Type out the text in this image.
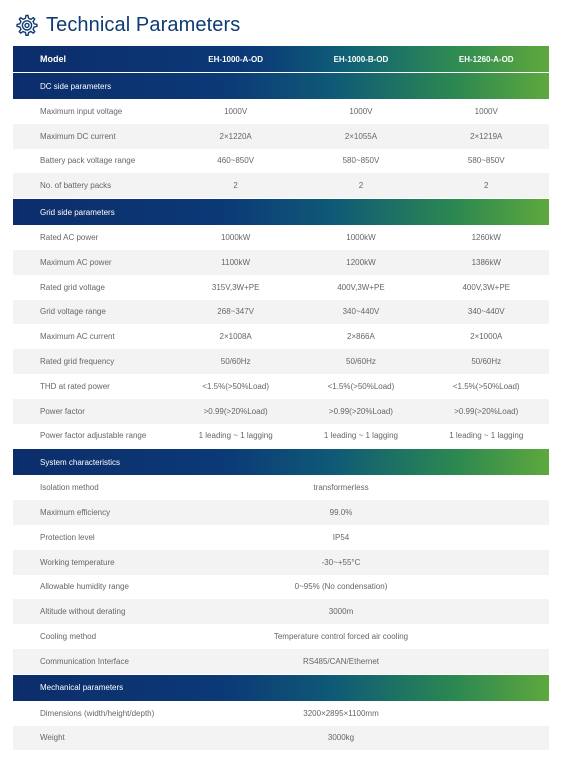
Technical Parameters
Model	EH-1000-A-OD	EH-1000-B-OD	EH-1260-A-OD
DC side parameters
Maximum input voltage	1000V	1000V	1000V
Maximum DC current	2×1220A	2×1055A	2×1219A
Battery pack voltage range	460~850V	580~850V	580~850V
No. of battery packs	2	2	2
Grid side parameters
Rated AC power	1000kW	1000kW	1260kW
Maximum AC power	1100kW	1200kW	1386kW
Rated grid voltage	315V,3W+PE	400V,3W+PE	400V,3W+PE
Grid voltage range	268~347V	340~440V	340~440V
Maximum AC current	2×1008A	2×866A	2×1000A
Rated grid frequency	50/60Hz	50/60Hz	50/60Hz
THD at rated power	<1.5%(>50%Load)	<1.5%(>50%Load)	<1.5%(>50%Load)
Power factor	>0.99(>20%Load)	>0.99(>20%Load)	>0.99(>20%Load)
Power factor adjustable range	1 leading ~ 1 lagging	1 leading ~ 1 lagging	1 leading ~ 1 lagging
System characteristics
Isolation method	transformerless
Maximum efficiency	99.0%
Protection level	IP54
Working temperature	-30~+55°C
Allowable humidity range	0~95% (No condensation)
Altitude without derating	3000m
Cooling method	Temperature control forced air cooling
Communication Interface	RS485/CAN/Ethernet
Mechanical parameters
Dimensions (width/height/depth)	3200×2895×1100mm
Weight	3000kg
